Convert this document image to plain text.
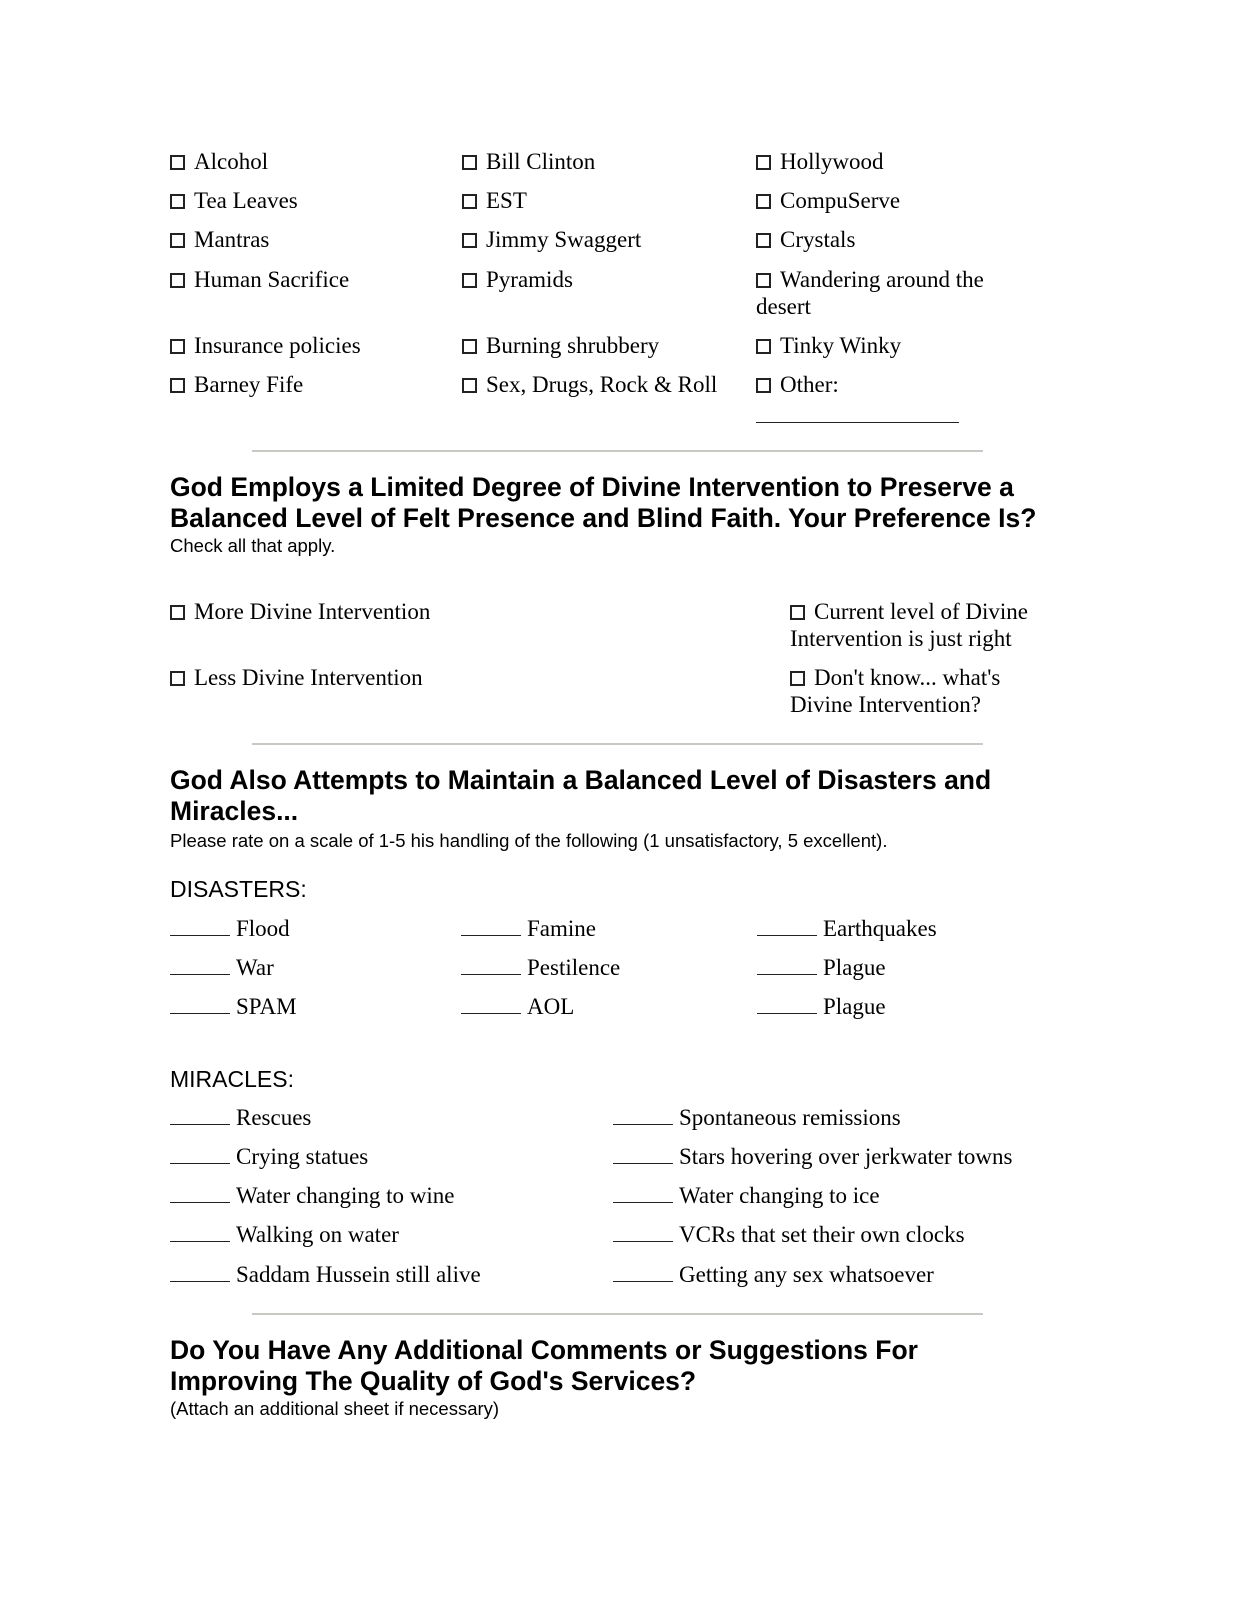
Alcohol
Tea Leaves
Mantras
Human Sacrifice
Insurance policies
Barney Fife
Bill Clinton
EST
Jimmy Swaggert
Pyramids
Burning shrubbery
Sex, Drugs, Rock & Roll
Hollywood
CompuServe
Crystals
Wandering around the desert
Tinky Winky
Other:
God Employs a Limited Degree of Divine Intervention to Preserve a Balanced Level of Felt Presence and Blind Faith. Your Preference Is?
Check all that apply.
More Divine Intervention
Less Divine Intervention
Current level of Divine Intervention is just right
Don't know... what's Divine Intervention?
God Also Attempts to Maintain a Balanced Level of Disasters and Miracles...
Please rate on a scale of 1-5 his handling of the following (1 unsatisfactory, 5 excellent).
DISASTERS:
Flood
War
SPAM
Famine
Pestilence
AOL
Earthquakes
Plague
Plague
MIRACLES:
Rescues
Crying statues
Water changing to wine
Walking on water
Saddam Hussein still alive
Spontaneous remissions
Stars hovering over jerkwater towns
Water changing to ice
VCRs that set their own clocks
Getting any sex whatsoever
Do You Have Any Additional Comments or Suggestions For Improving The Quality of God's Services?
(Attach an additional sheet if necessary)
